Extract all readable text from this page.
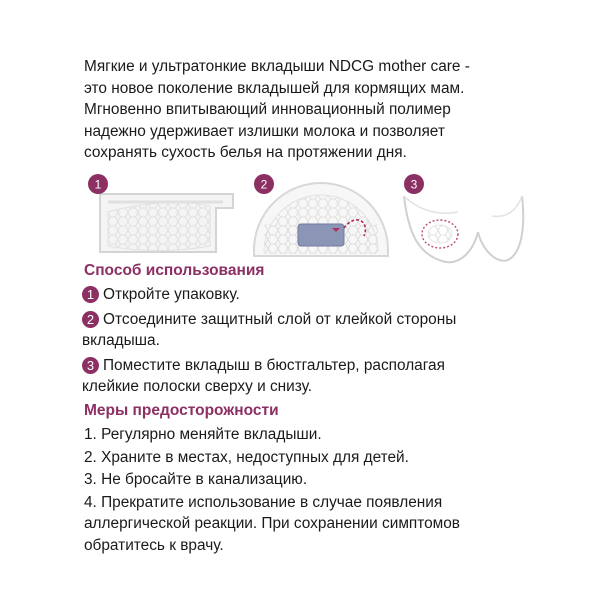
Мягкие и ультратонкие вкладыши NDCG mother care -
это новое поколение вкладышей для кормящих мам.
Мгновенно впитывающий инновационный полимер
надежно удерживает излишки молока и позволяет
сохранять сухость белья на протяжении дня.

1	2	3
Способ использования
1 Откройте упаковку.
2 Отсоедините защитный слой от клейкой стороны
вкладыша.
3 Поместите вкладыш в бюстгальтер, располагая
клейкие полоски сверху и снизу.
Меры предосторожности
1. Регулярно меняйте вкладыши.
2. Храните в местах, недоступных для детей.
3. Не бросайте в канализацию.
4. Прекратите использование в случае появления
аллергической реакции. При сохранении симптомов
обратитесь к врачу.
